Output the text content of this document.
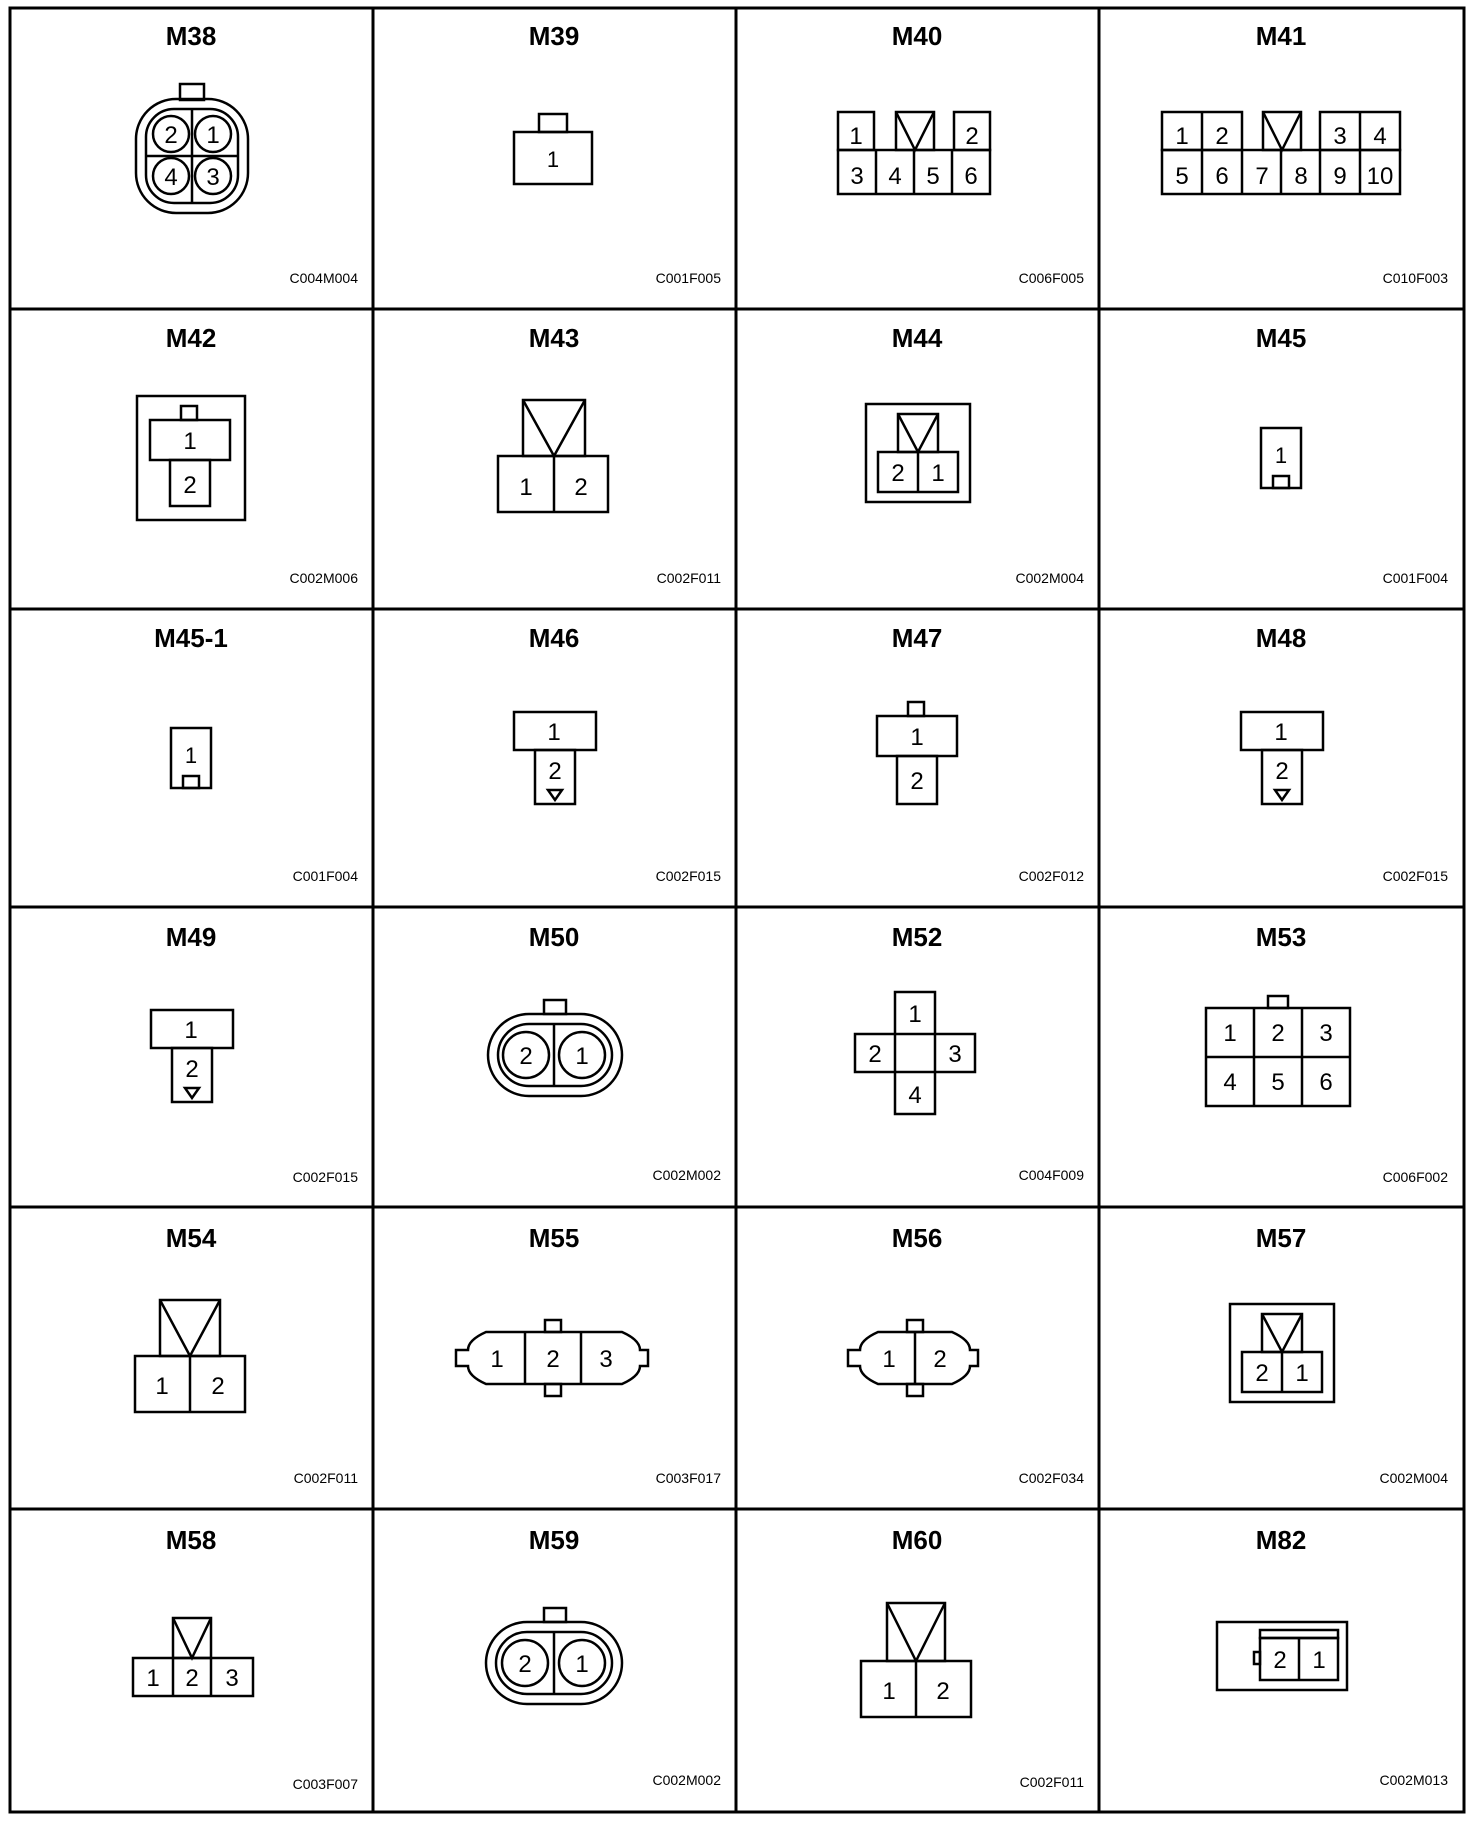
M38
C004M004
2 1
4 3
M39
C001F005
1
M40
C006F005
1	2
3 4 5 6
M41
C010F003
1 2	3 4
5 6 7 8 9 10
M42
C002M006
1
2
M43
C002F011
1 2
M44
C002M004
2 1
M45
C001F004
1
M45-1
C001F004
1
M46
C002F015
1
2
M47
C002F012
1
2
M48
C002F015
1
2
M49
C002F015
1
2
M50
C002M002
2 1
M52
C004F009
1
2	3
4
M53
C006F002
1 2 3
4 5 6
M54
C002F011
1 2
M55
C003F017
1 2 3
M56
C002F034
1 2
M57
C002M004
2 1
M58
C003F007
1 2 3
M59
C002M002
2 1
M60
C002F011
1 2
M82
C002M013
2 1
